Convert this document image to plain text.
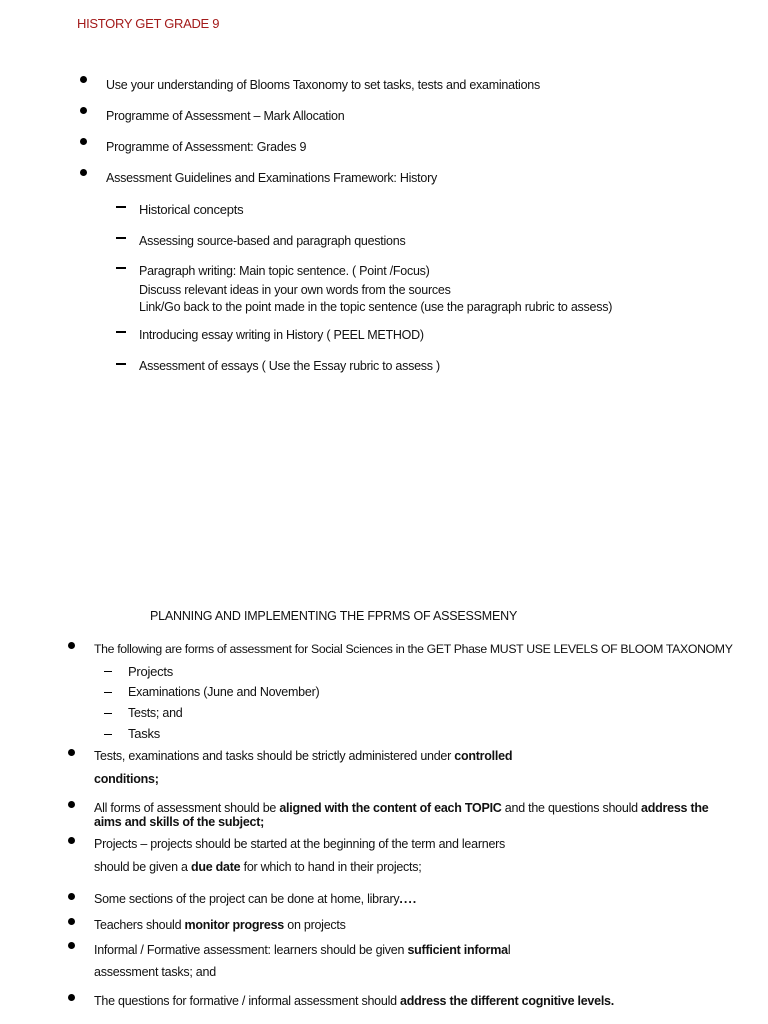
HISTORY GET GRADE 9
Use your understanding of Blooms Taxonomy to set tasks, tests and examinations
Programme of Assessment – Mark Allocation
Programme of Assessment: Grades 9
Assessment Guidelines and Examinations Framework: History
Historical concepts
Assessing source-based and paragraph questions
Paragraph writing: Main topic sentence. ( Point /Focus)
Discuss relevant ideas in your own words from the sources
Link/Go back to the point made in the topic sentence (use the paragraph rubric to assess)
Introducing essay writing in History ( PEEL METHOD)
Assessment of essays ( Use the Essay rubric to assess )
PLANNING AND IMPLEMENTING THE FPRMS OF ASSESSMENY
The following are forms of assessment for Social Sciences in the GET Phase MUST USE LEVELS OF BLOOM TAXONOMY
Projects
Examinations (June and November)
Tests; and
Tasks
Tests, examinations and tasks should be strictly administered under controlled
conditions;
All forms of assessment should be aligned with the content of each TOPIC and the questions should address the
aims and skills of the subject;
Projects – projects should be started at the beginning of the term and learners
should be given a due date for which to hand in their projects;
Some sections of the project can be done at home, library....
Teachers should monitor progress on projects
Informal / Formative assessment: learners should be given sufficient informal
assessment tasks; and
The questions for formative / informal assessment should address the different cognitive levels.
